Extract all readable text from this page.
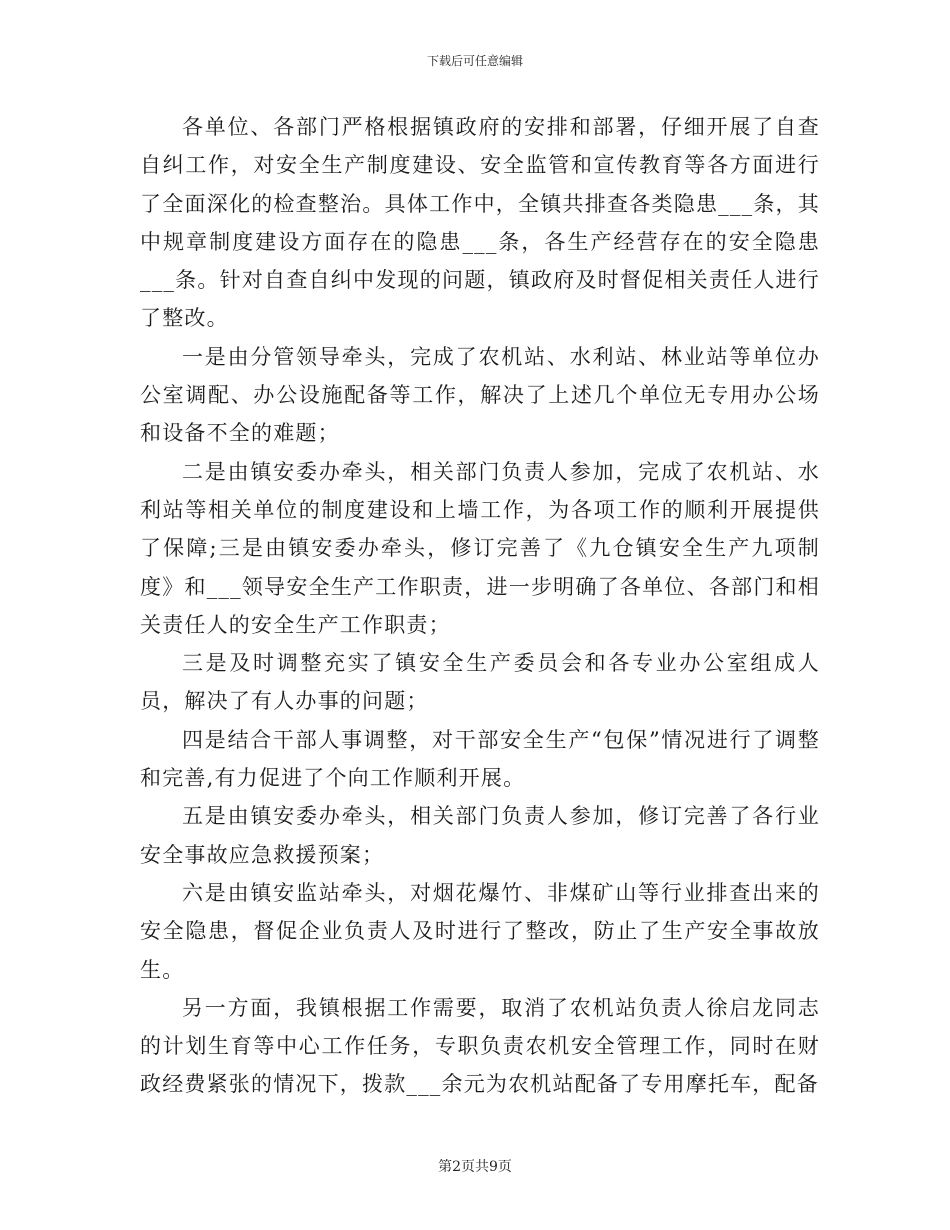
下载后可任意编辑

各单位、各部门严格根据镇政府的安排和部署，仔细开展了自查自纠工作，对安全生产制度建设、安全监管和宣传教育等各方面进行了全面深化的检查整治。具体工作中，全镇共排查各类隐患___条，其中规章制度建设方面存在的隐患___条，各生产经营存在的安全隐患___条。针对自查自纠中发现的问题，镇政府及时督促相关责任人进行了整改。

一是由分管领导牵头，完成了农机站、水利站、林业站等单位办公室调配、办公设施配备等工作，解决了上述几个单位无专用办公场和设备不全的难题；

二是由镇安委办牵头，相关部门负责人参加，完成了农机站、水利站等相关单位的制度建设和上墙工作，为各项工作的顺利开展提供了保障;三是由镇安委办牵头，修订完善了《九仓镇安全生产九项制度》和___领导安全生产工作职责，进一步明确了各单位、各部门和相关责任人的安全生产工作职责；

三是及时调整充实了镇安全生产委员会和各专业办公室组成人员，解决了有人办事的问题；

四是结合干部人事调整，对干部安全生产“包保”情况进行了调整和完善,有力促进了个向工作顺利开展。

五是由镇安委办牵头，相关部门负责人参加，修订完善了各行业安全事故应急救援预案；

六是由镇安监站牵头，对烟花爆竹、非煤矿山等行业排查出来的安全隐患，督促企业负责人及时进行了整改，防止了生产安全事故放生。

另一方面，我镇根据工作需要，取消了农机站负责人徐启龙同志的计划生育等中心工作任务，专职负责农机安全管理工作，同时在财政经费紧张的情况下，拨款___余元为农机站配备了专用摩托车，配备

第2页共9页
